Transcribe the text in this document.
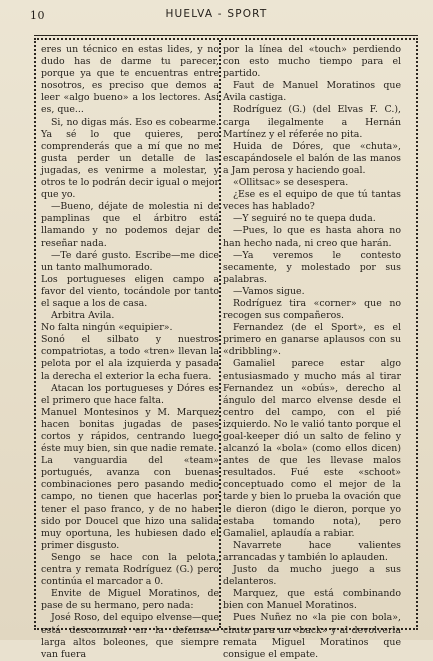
10	HUELVA - SPORT

eres un técnico en estas lides, y no dudo has de darme tu parecer, porque ya que te encuentras entre nosotros, es preciso que demos a leer «algo bueno» a los lectores. Así es, que...

Si, no digas más. Eso es cobearme. Ya sé lo que quieres, pero comprenderás que a mí que no me gusta perder un detalle de las jugadas, es venirme a molestar, y otros te lo podrán decir igual o mejor que yo.

—Bueno, déjate de molestia ni de pamplinas que el árbitro está llamando y no podemos dejar de reseñar nada.

—Te daré gusto. Escribe—me dice un tanto malhumorado.

Los portugueses eligen campo a favor del viento, tocándole por tanto el saque a los de casa.

Arbitra Avila.

No falta ningún «equipier».

Sonó el silbato y nuestros compatriotas, a todo «tren» llevan la pelota por el ala izquierda y pasada la derecha el exterior la echa fuera.

Atacan los portugueses y Dóres es el primero que hace falta.

Manuel Montesinos y M. Marquez hacen bonitas jugadas de pases cortos y rápidos, centrando luego éste muy bien, sin que nadie remate.

La vanguardia del «team» portugués, avanza con buenas combinaciones pero pasando medio campo, no tienen que hacerlas por tener el paso franco, y de no haber sido por Doucel que hizo una salida muy oportuna, les hubiesen dado el primer disgusto.

Sengo se hace con la pelota, centra y remata Rodríguez (G.) pero continúa el marcador a 0.

Envite de Miguel Moratinos, de pase de su hermano, pero nada:

José Roso, del equipo elvense—que está descomunal en la defensa—larga altos boleones, que siempre van fuera

por la línea del «touch» perdiendo con esto mucho tiempo para el partido.

Faut de Manuel Moratinos que Avila castiga.

Rodríguez (G.) (del Elvas F. C.), carga ilegalmente a Hernán Martínez y el réferée no pita.

Huida de Dóres, que «chuta», escapándosele el balón de las manos a Jam perosa y haciendo goal.

«Ollitsac» se desespera.

¿Ese es el equipo de que tú tantas veces has hablado?

—Y seguiré no te quepa duda.

—Pues, lo que es hasta ahora no han hecho nada, ni creo que harán.

—Ya veremos le contesto secamente, y molestado por sus palabras.

—Vamos sigue.

Rodríguez tira «corner» que no recogen sus compañeros.

Fernandez (de el Sport», es el primero en ganarse aplausos con su «dribbling».

Gamaliel parece estar algo entusiasmado y mucho más al tirar Fernandez un «obús», derecho al ángulo del marco elvense desde el centro del campo, con el pié izquierdo. No le valió tanto porque el goal-keeper dió un salto de felino y alcanzó la «bola» (como ellos dicen) antes de que les llevase malos resultados. Fué este «schoot» conceptuado como el mejor de la tarde y bien lo prueba la ovación que le dieron (digo le dieron, porque yo estaba tomando nota), pero Gamaliel, aplaudía a rabiar.

Navarrete hace valientes arrancadas y también lo aplauden.

Justo da mucho juego a sus delanteros.

Marquez, que está combinando bien con Manuel Moratinos.

Pues Nuñez no «la pie con bola», chuta para un «back» y al devolverla remata Miguel Moratinos que consigue el empate.
